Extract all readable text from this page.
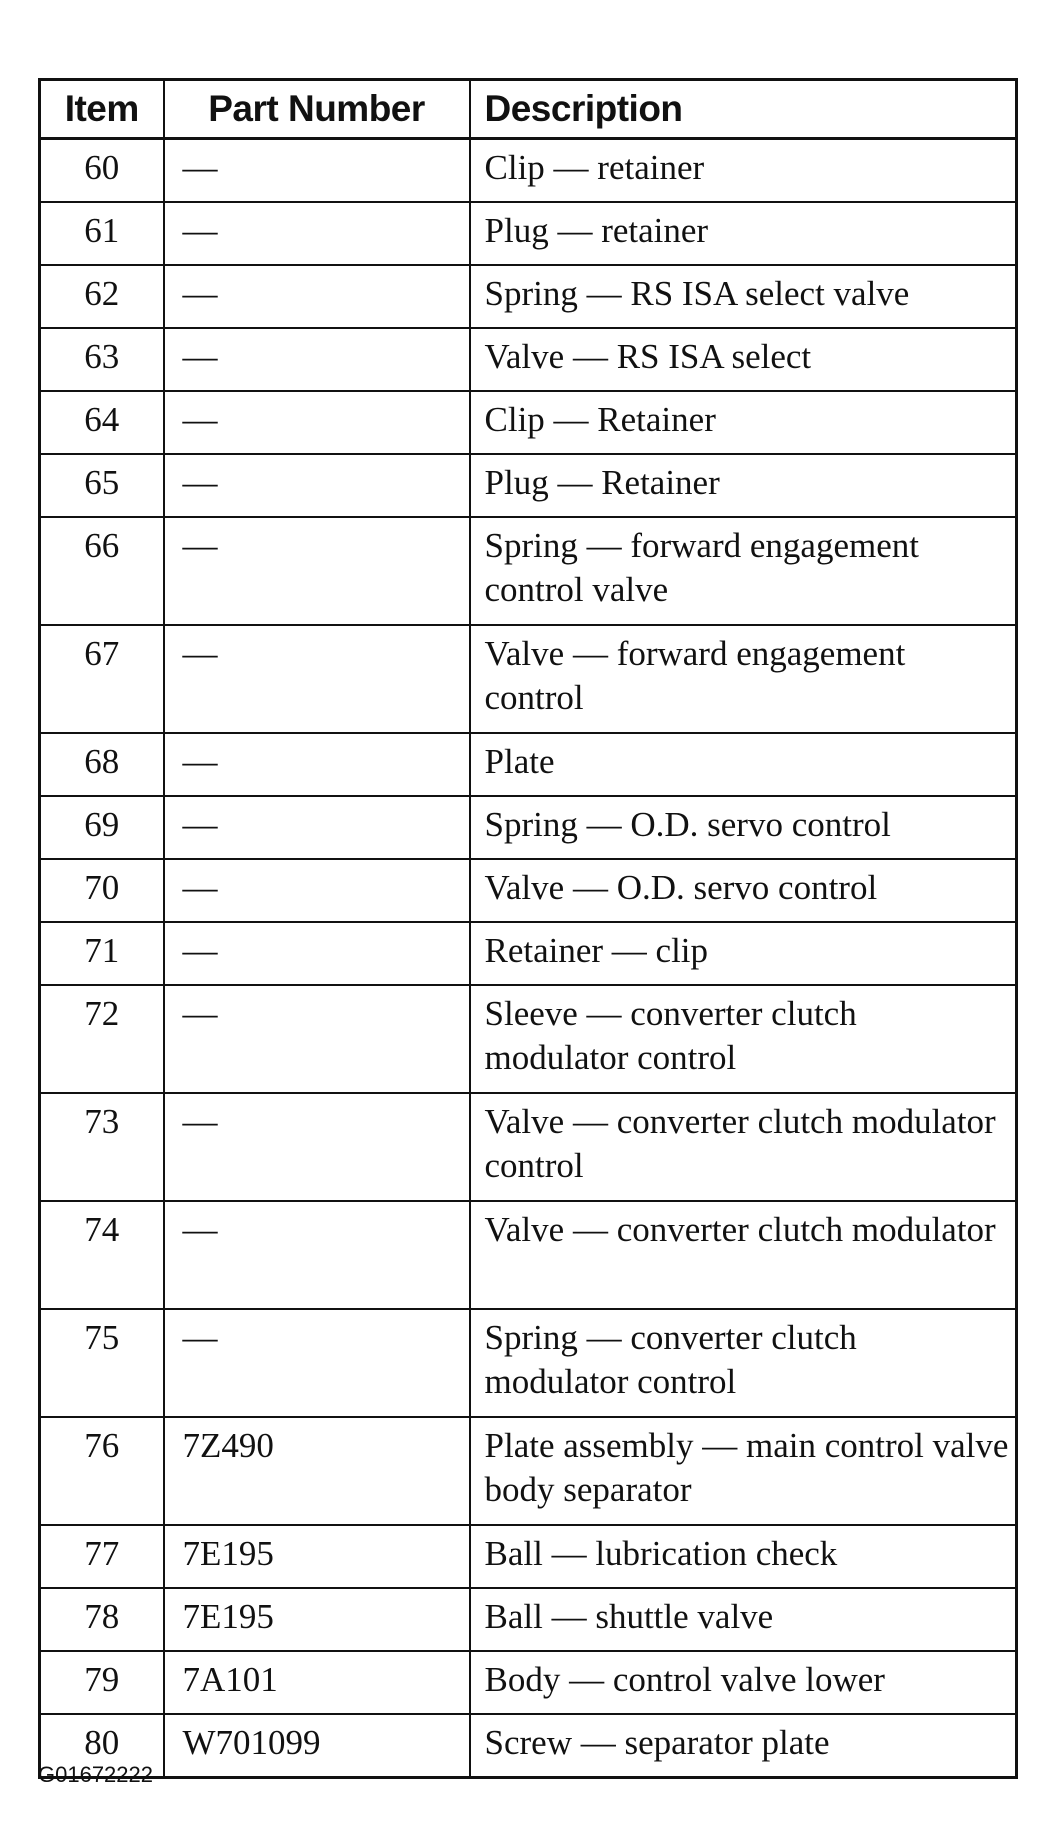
Item	Part Number	Description
60	—	Clip — retainer
61	—	Plug — retainer
62	—	Spring — RS ISA select valve
63	—	Valve — RS ISA select
64	—	Clip — Retainer
65	—	Plug — Retainer
66	—	Spring — forward engagement control valve
67	—	Valve — forward engagement control
68	—	Plate
69	—	Spring — O.D. servo control
70	—	Valve — O.D. servo control
71	—	Retainer — clip
72	—	Sleeve — converter clutch modulator control
73	—	Valve — converter clutch modulator control
74	—	Valve — converter clutch modulator
75	—	Spring — converter clutch modulator control
76	7Z490	Plate assembly — main control valve body separator
77	7E195	Ball — lubrication check
78	7E195	Ball — shuttle valve
79	7A101	Body — control valve lower
80	W701099	Screw — separator plate
G01672222
